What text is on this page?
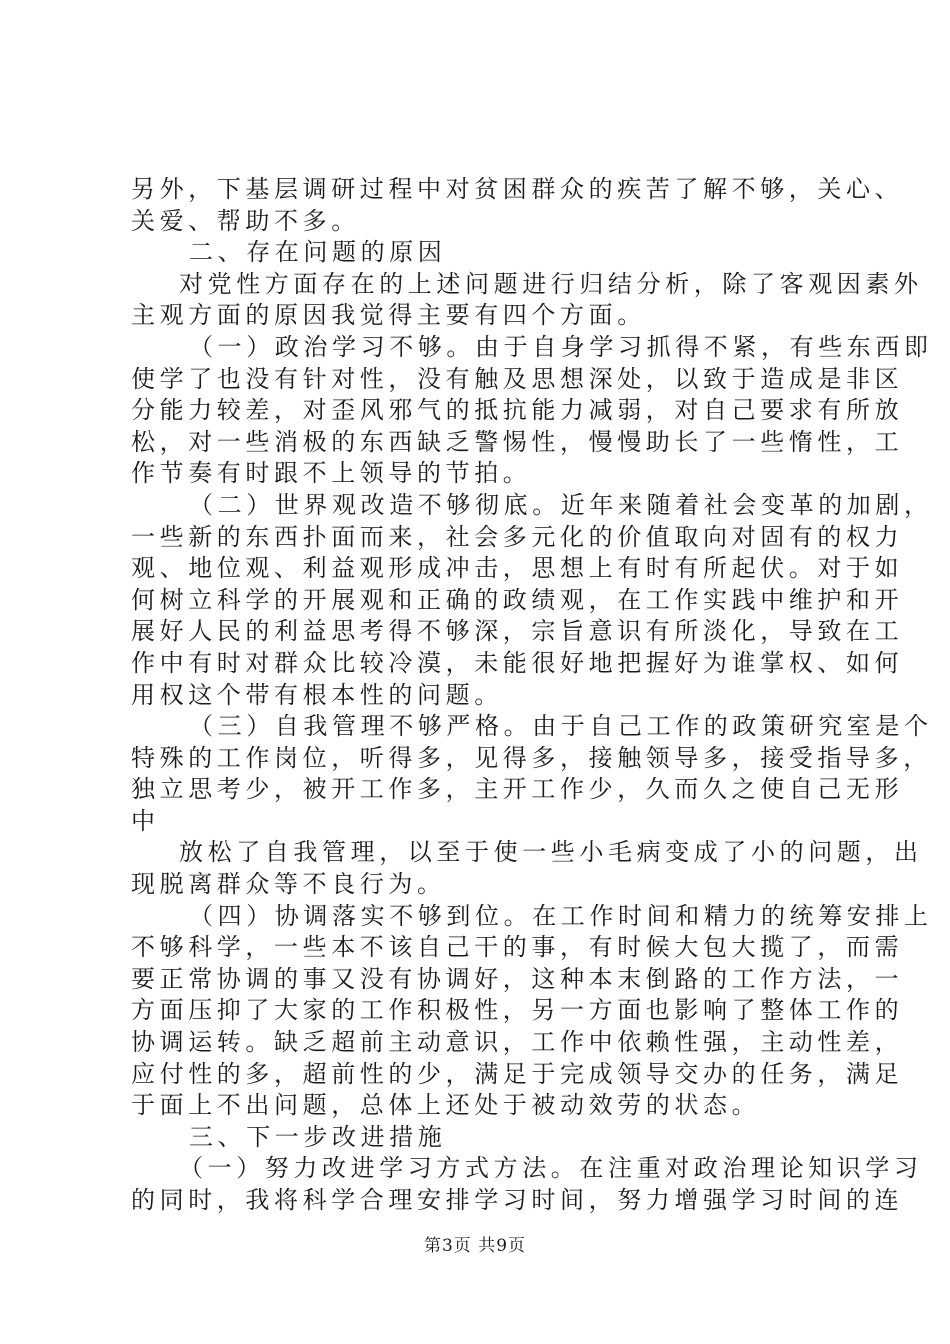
另外，下基层调研过程中对贫困群众的疾苦了解不够，关心、
关爱、帮助不多。
二、存在问题的原因
对党性方面存在的上述问题进行归结分析，除了客观因素外
主观方面的原因我觉得主要有四个方面。
（一）政治学习不够。由于自身学习抓得不紧，有些东西即
使学了也没有针对性，没有触及思想深处，以致于造成是非区
分能力较差，对歪风邪气的抵抗能力减弱，对自己要求有所放
松，对一些消极的东西缺乏警惕性，慢慢助长了一些惰性，工
作节奏有时跟不上领导的节拍。
（二）世界观改造不够彻底。近年来随着社会变革的加剧，
一些新的东西扑面而来，社会多元化的价值取向对固有的权力
观、地位观、利益观形成冲击，思想上有时有所起伏。对于如
何树立科学的开展观和正确的政绩观，在工作实践中维护和开
展好人民的利益思考得不够深，宗旨意识有所淡化，导致在工
作中有时对群众比较冷漠，未能很好地把握好为谁掌权、如何
用权这个带有根本性的问题。
（三）自我管理不够严格。由于自己工作的政策研究室是个
特殊的工作岗位，听得多，见得多，接触领导多，接受指导多，
独立思考少，被开工作多，主开工作少，久而久之使自己无形
中
放松了自我管理，以至于使一些小毛病变成了小的问题，出
现脱离群众等不良行为。
（四）协调落实不够到位。在工作时间和精力的统筹安排上
不够科学，一些本不该自己干的事，有时候大包大揽了，而需
要正常协调的事又没有协调好，这种本末倒路的工作方法，一
方面压抑了大家的工作积极性，另一方面也影响了整体工作的
协调运转。缺乏超前主动意识，工作中依赖性强，主动性差，
应付性的多，超前性的少，满足于完成领导交办的任务，满足
于面上不出问题，总体上还处于被动效劳的状态。
三、下一步改进措施
（一）努力改进学习方式方法。在注重对政治理论知识学习
的同时，我将科学合理安排学习时间，努力增强学习时间的连
第3页 共9页
